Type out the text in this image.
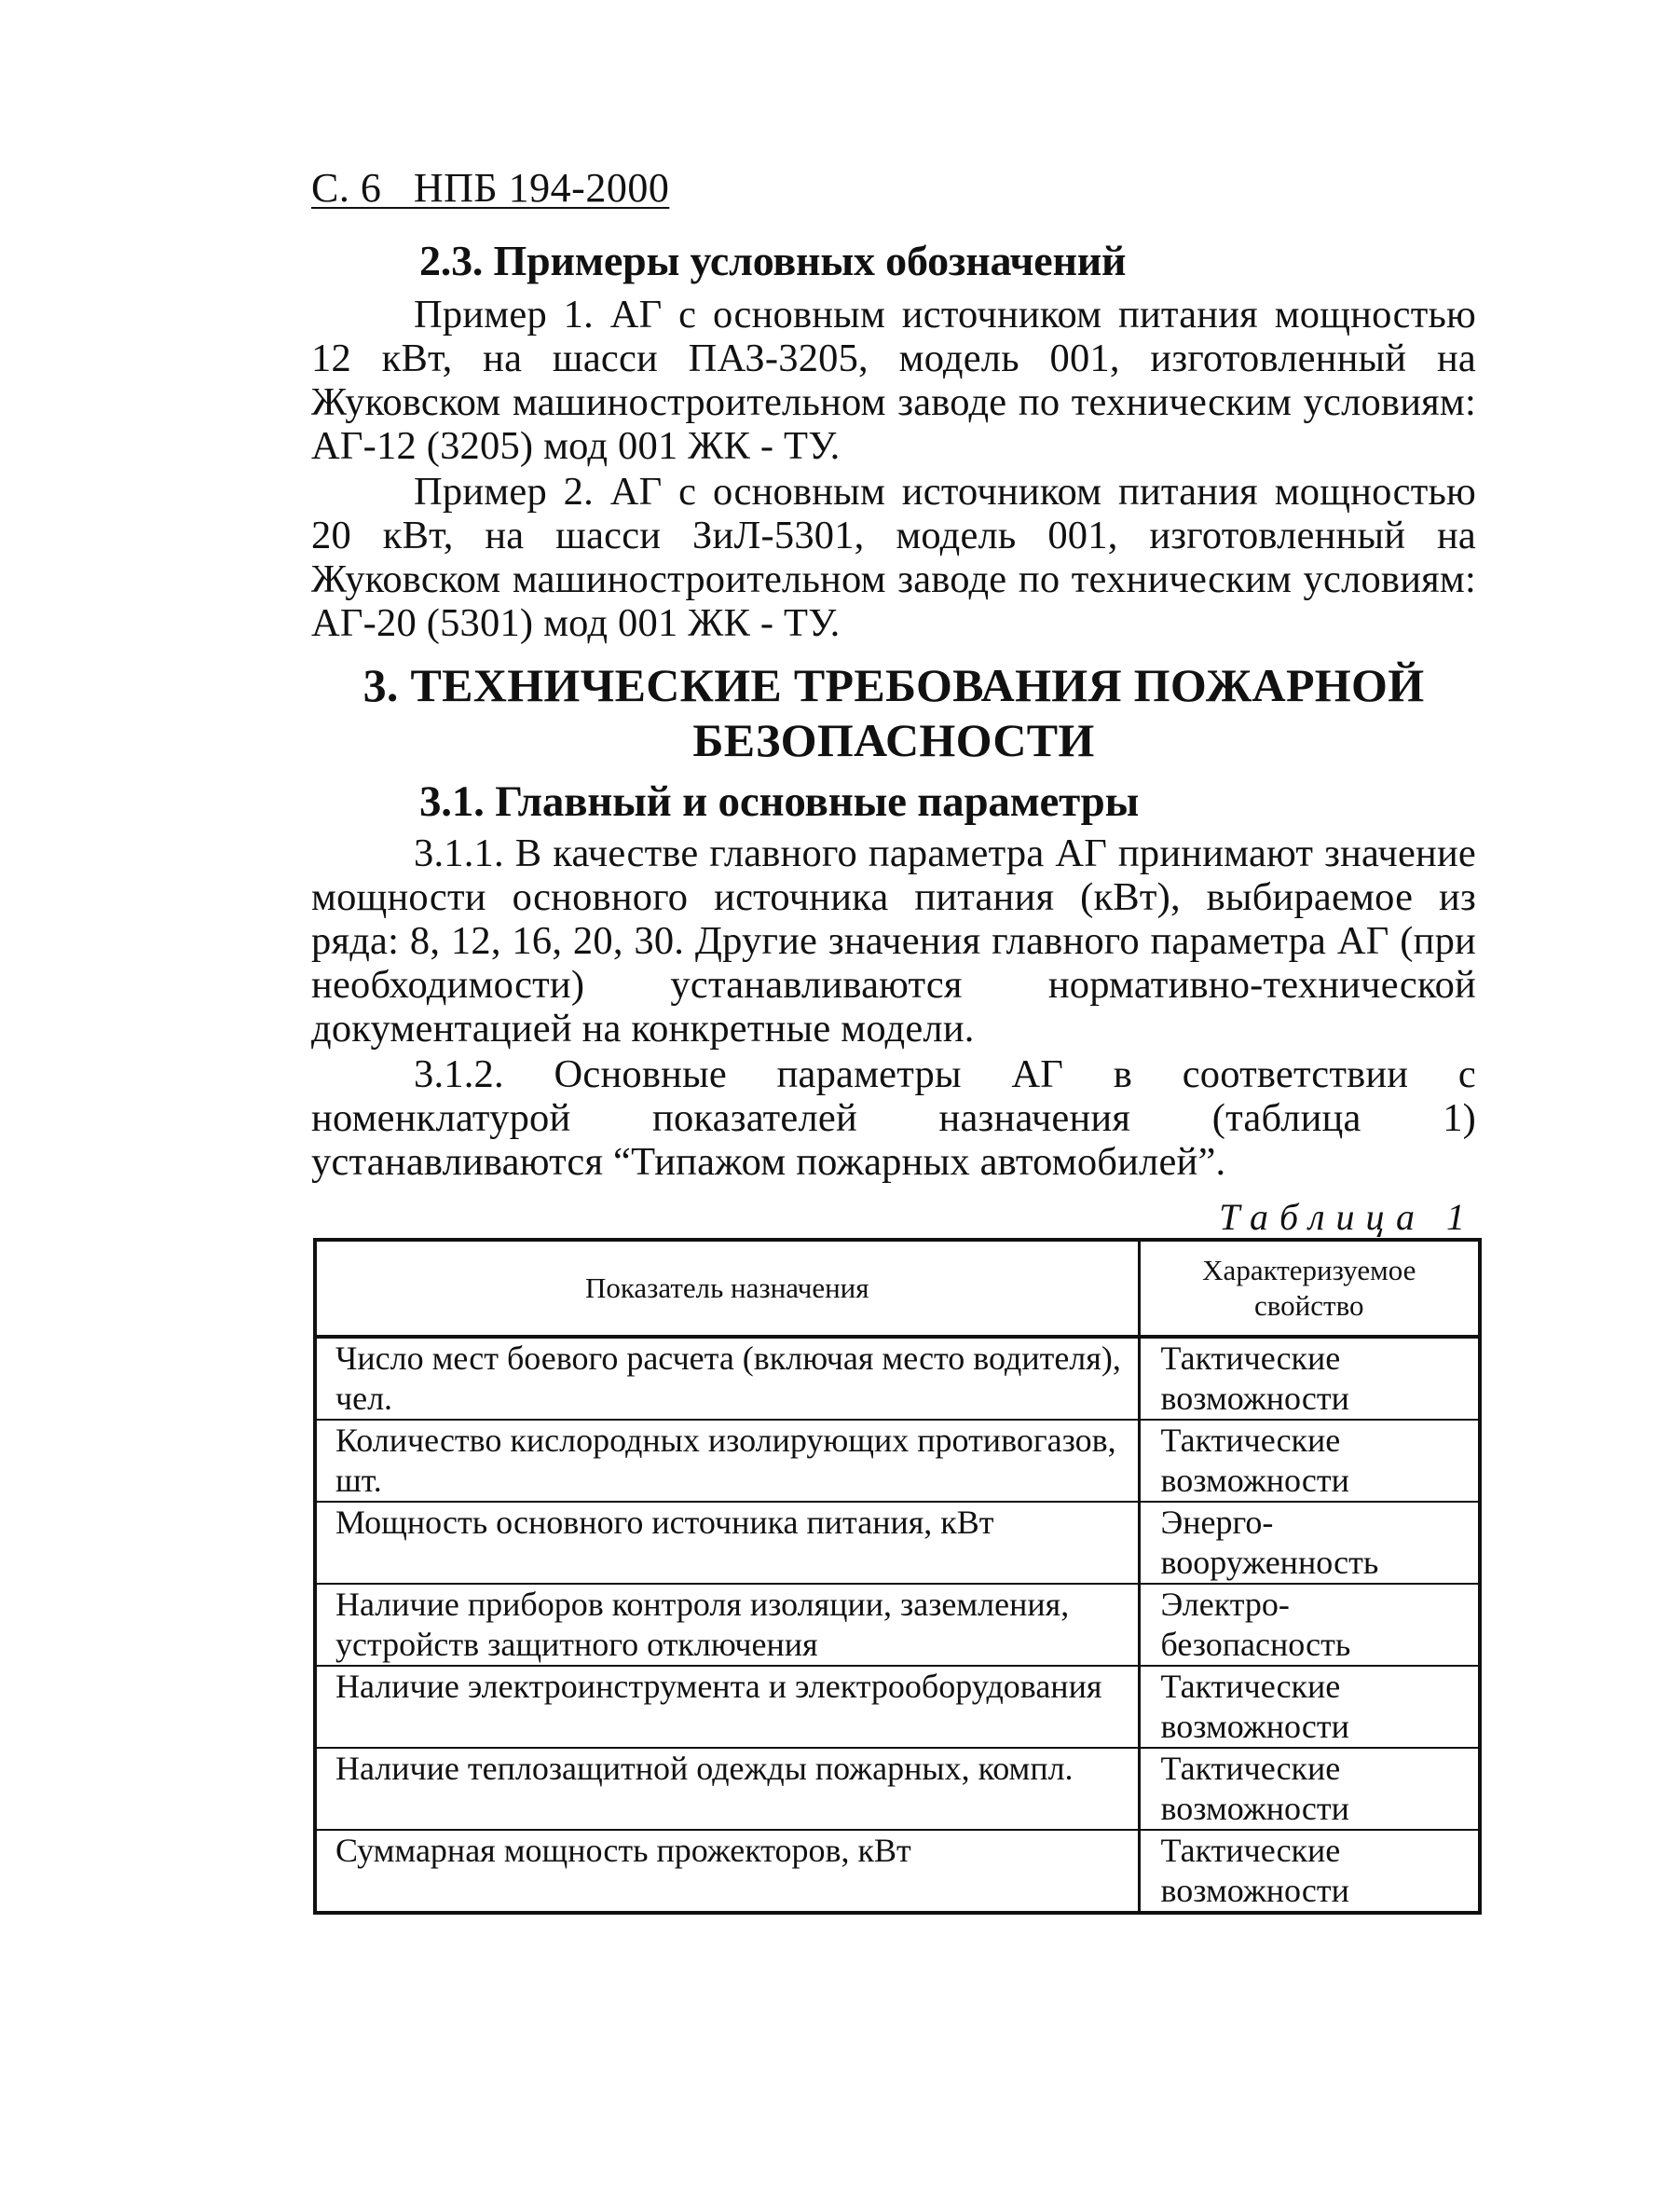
С. 6   НПБ 194-2000
2.3. Примеры условных обозначений

Пример 1. АГ с основным источником питания мощностью 12 кВт, на шасси ПАЗ-3205, модель 001, изготовленный на Жуковском машиностроительном заводе по техническим условиям: АГ-12 (3205) мод 001 ЖК - ТУ.

Пример 2. АГ с основным источником питания мощностью 20 кВт, на шасси ЗиЛ-5301, модель 001, изготовленный на Жуковском машиностроительном заводе по техническим условиям: АГ-20 (5301) мод 001 ЖК - ТУ.

3. ТЕХНИЧЕСКИЕ ТРЕБОВАНИЯ ПОЖАРНОЙ
БЕЗОПАСНОСТИ
3.1. Главный и основные параметры

3.1.1. В качестве главного параметра АГ принимают значение мощности основного источника питания (кВт), выбираемое из ряда: 8, 12, 16, 20, 30. Другие значения главного параметра АГ (при необходимости) устанавливаются нормативно-технической документацией на конкретные модели.

3.1.2. Основные параметры АГ в соответствии с номенклатурой показателей назначения (таблица 1) устанавливаются “Типажом пожарных автомобилей”.

Таблица 1
Показатель назначения	Характеризуемое свойство
Число мест боевого расчета (включая место водителя), чел.	Тактические
возможности

Количество кислородных изолирующих противогазов, шт.	Тактические
возможности

Мощность основного источника питания, кВт	Энерго-
вооруженность

Наличие приборов контроля изоляции, заземления, устройств защитного отключения	Электро-
безопасность

Наличие электроинструмента и электрооборудования	Тактические
возможности

Наличие теплозащитной одежды пожарных, компл.	Тактические
возможности

Суммарная мощность прожекторов, кВт	Тактические
возможности
